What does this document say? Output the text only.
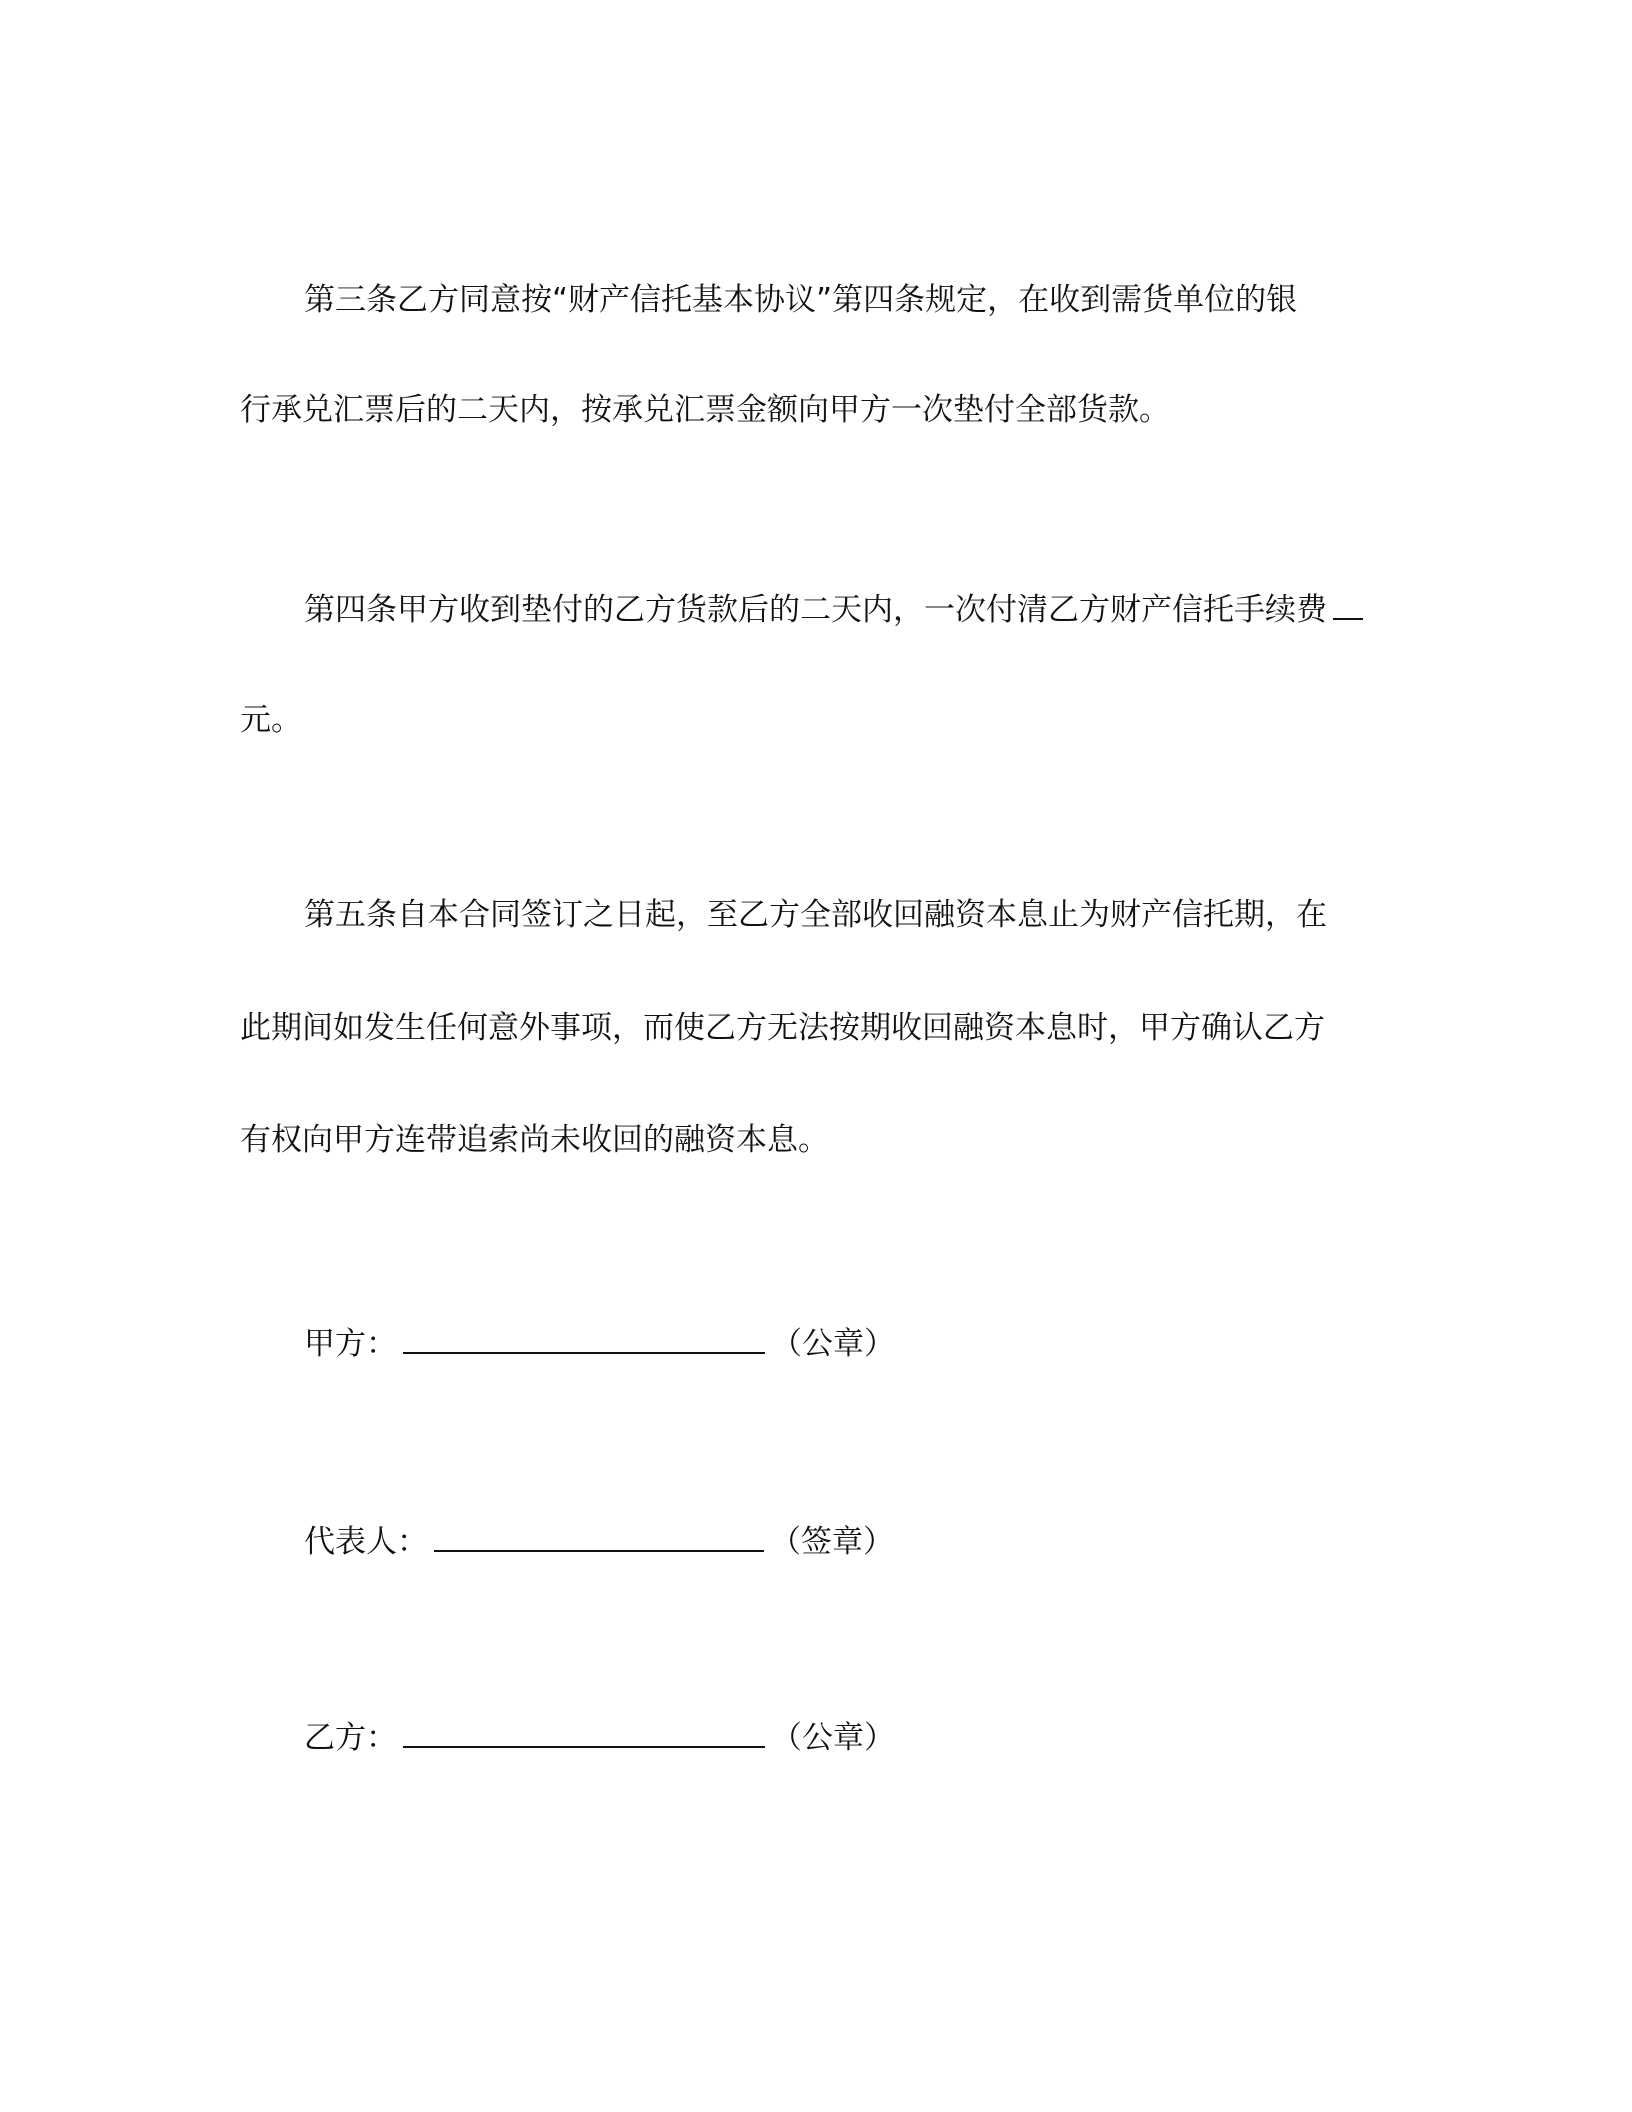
第三条乙方同意按“财产信托基本协议”第四条规定，在收到需货单位的银
行承兑汇票后的二天内，按承兑汇票金额向甲方一次垫付全部货款。
第四条甲方收到垫付的乙方货款后的二天内，一次付清乙方财产信托手续费
元。
第五条自本合同签订之日起，至乙方全部收回融资本息止为财产信托期，在
此期间如发生任何意外事项，而使乙方无法按期收回融资本息时，甲方确认乙方
有权向甲方连带追索尚未收回的融资本息。
甲方：	（公章）
代表人：	（签章）
乙方：	（公章）
